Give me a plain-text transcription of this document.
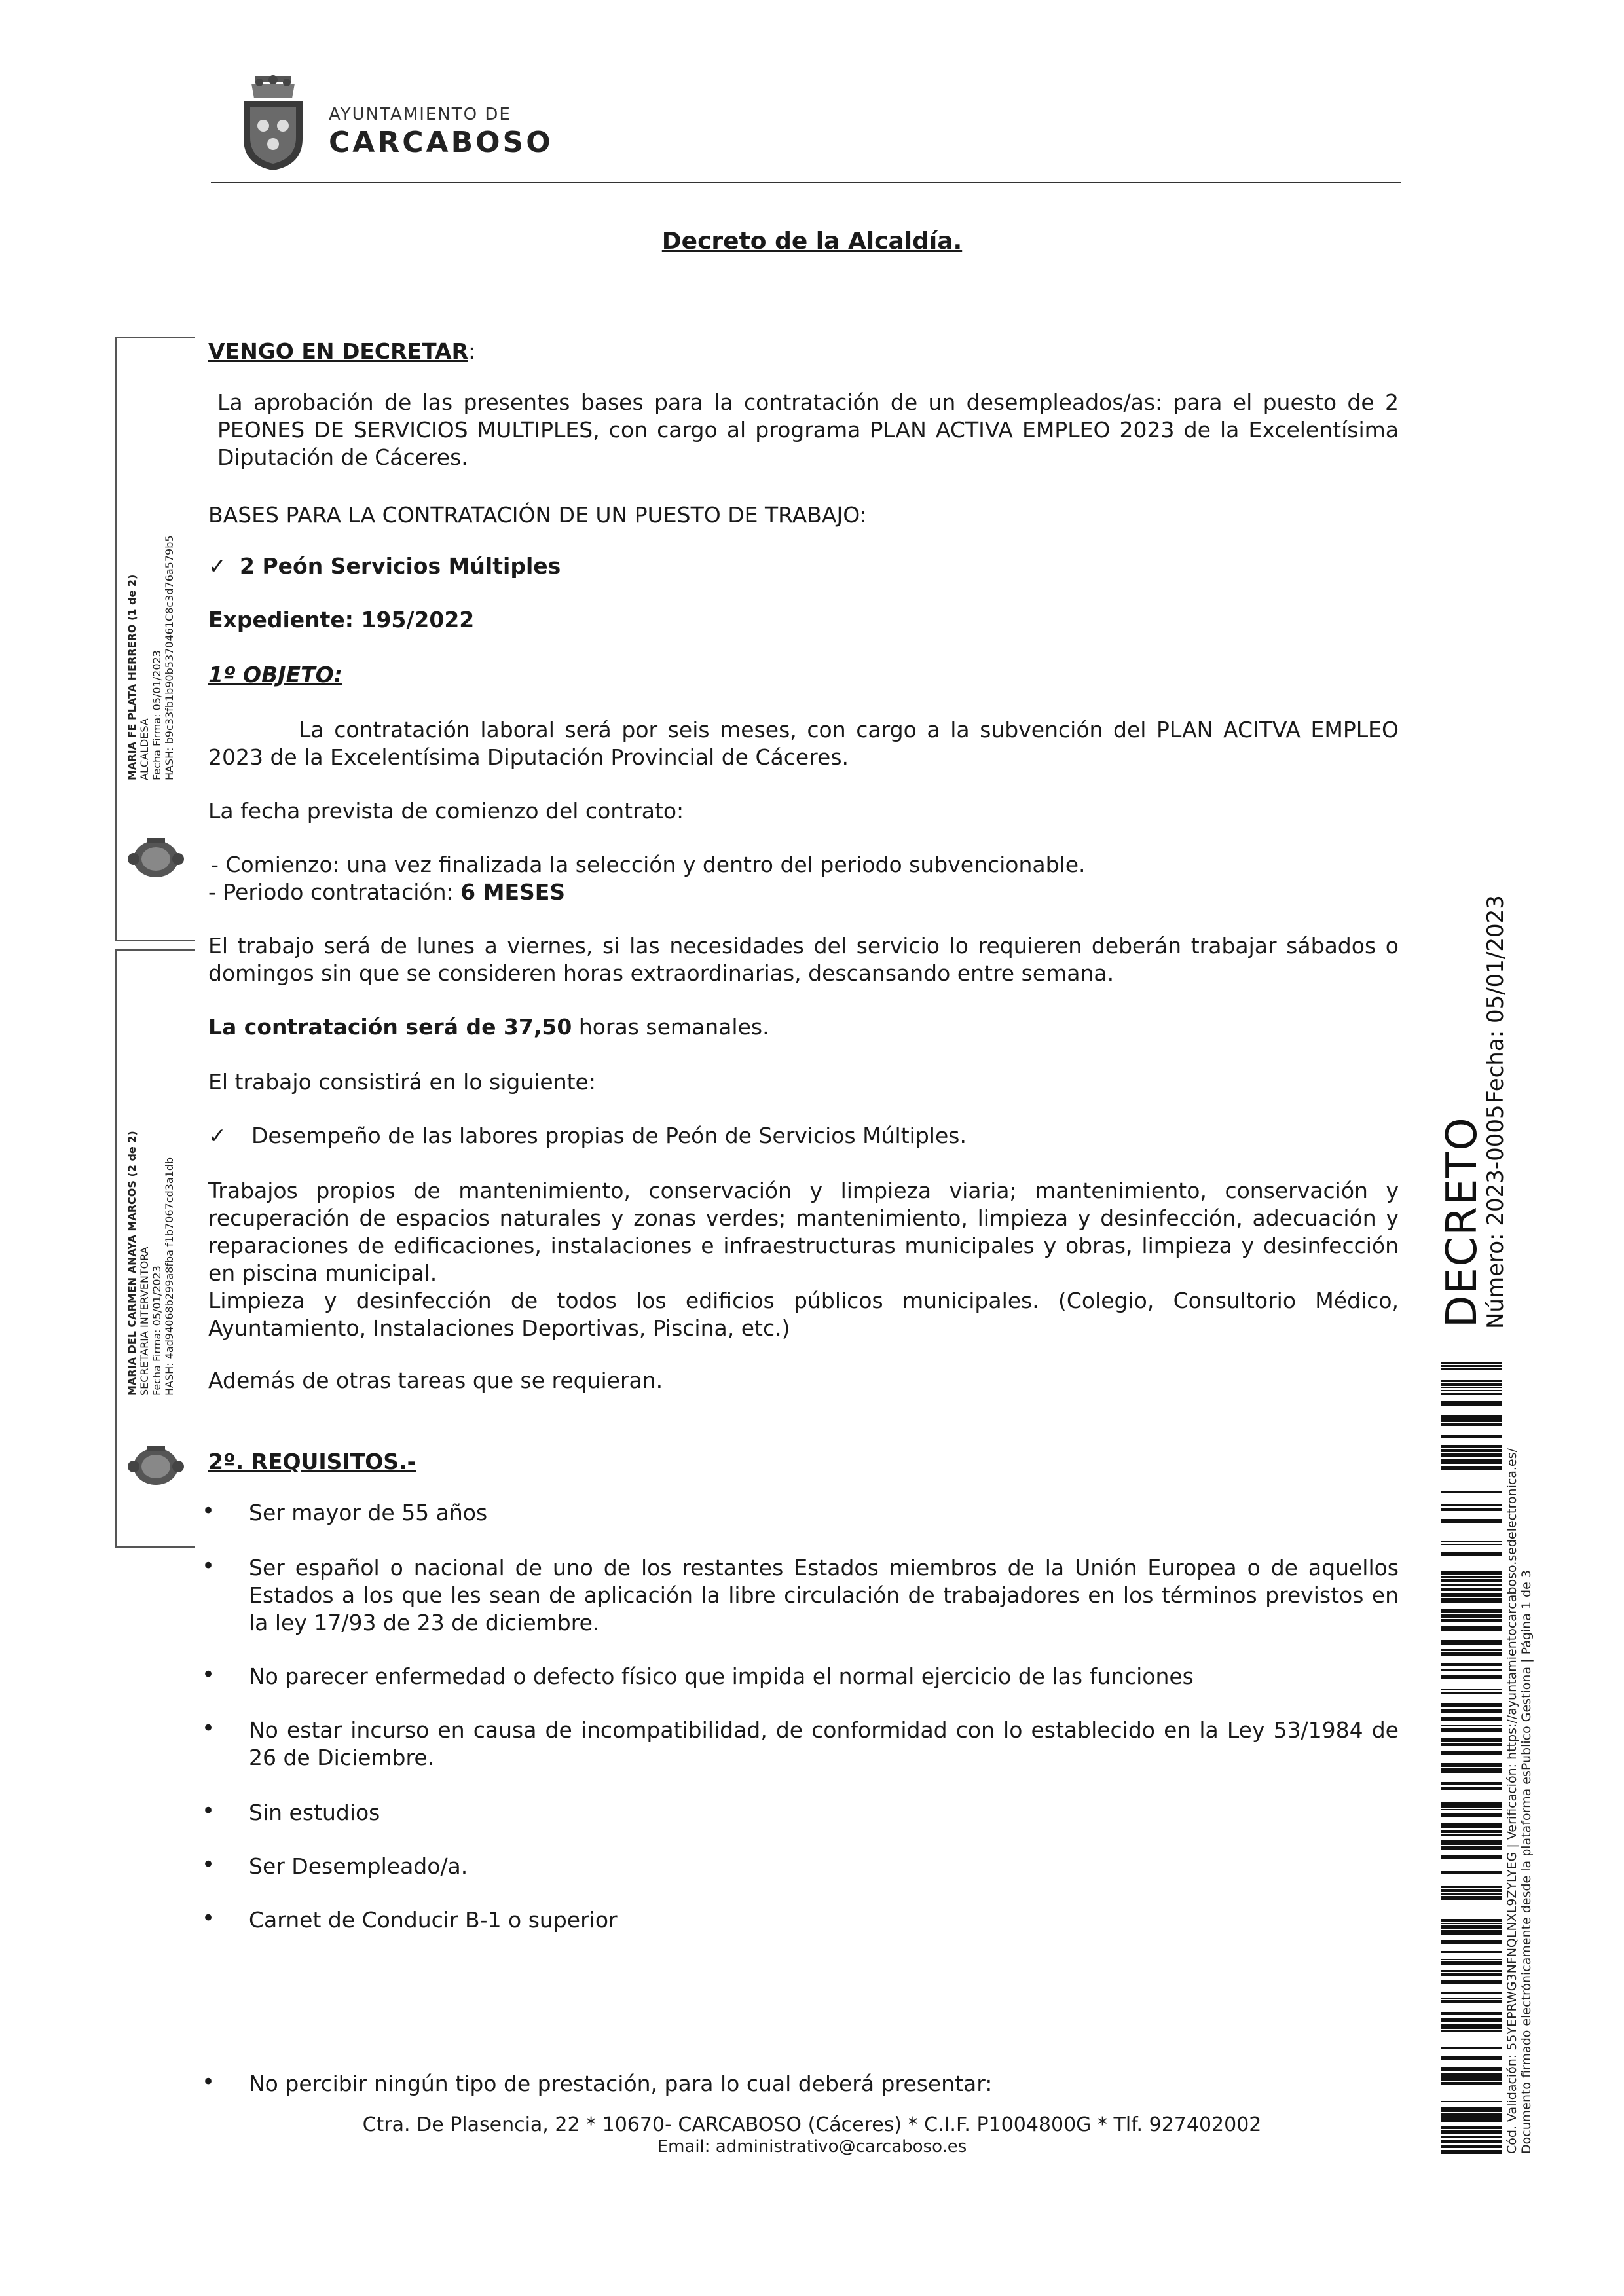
AYUNTAMIENTO DE
CARCABOSO
Decreto de la Alcaldía.
VENGO EN DECRETAR:
La aprobación de las presentes bases para la contratación de un desempleados/as: para el puesto de 2 PEONES DE SERVICIOS MULTIPLES, con cargo al programa PLAN ACTIVA EMPLEO 2023 de la Excelentísima Diputación de Cáceres.
BASES PARA LA CONTRATACIÓN DE UN PUESTO DE TRABAJO:
✓ 2 Peón Servicios Múltiples
Expediente: 195/2022
1º OBJETO:
La contratación laboral será por seis meses, con cargo a la subvención del PLAN ACITVA EMPLEO 2023 de la Excelentísima Diputación Provincial de Cáceres.
La fecha prevista de comienzo del contrato:
- Comienzo: una vez finalizada la selección y dentro del periodo subvencionable.
- Periodo contratación: 6 MESES
El trabajo será de lunes a viernes, si las necesidades del servicio lo requieren deberán trabajar sábados o domingos sin que se consideren horas extraordinarias, descansando entre semana.
La contratación será de 37,50 horas semanales.
El trabajo consistirá en lo siguiente:
✓ Desempeño de las labores propias de Peón de Servicios Múltiples.
Trabajos propios de mantenimiento, conservación y limpieza viaria; mantenimiento, conservación y recuperación de espacios naturales y zonas verdes; mantenimiento, limpieza y desinfección, adecuación y reparaciones de edificaciones, instalaciones e infraestructuras municipales y obras, limpieza y desinfección en piscina municipal.
Limpieza y desinfección de todos los edificios públicos municipales. (Colegio, Consultorio Médico, Ayuntamiento, Instalaciones Deportivas, Piscina, etc.)
Además de otras tareas que se requieran.
2º. REQUISITOS.-
• Ser mayor de 55 años
• Ser español o nacional de uno de los restantes Estados miembros de la Unión Europea o de aquellos Estados a los que les sean de aplicación la libre circulación de trabajadores en los términos previstos en la ley 17/93 de 23 de diciembre.
• No parecer enfermedad o defecto físico que impida el normal ejercicio de las funciones
• No estar incurso en causa de incompatibilidad, de conformidad con lo establecido en la Ley 53/1984 de 26 de Diciembre.
• Sin estudios
• Ser Desempleado/a.
• Carnet de Conducir B-1 o superior
• No percibir ningún tipo de prestación, para lo cual deberá presentar:
MARIA FE PLATA HERRERO (1 de 2)
ALCALDESA
Fecha Firma: 05/01/2023
HASH: b9c33fb1b90b5370461C8c3d76a579b5
MARIA DEL CARMEN ANAYA MARCOS (2 de 2)
SECRETARIA INTERVENTORA
Fecha Firma: 05/01/2023
HASH: 4ad94068b299a8fba f1b7067cd3a1db	DECRETO
Número: 2023-0005
Fecha: 05/01/2023
Cód. Validación: 55YEPRWG3NFNQLNXL9ZYLYEG | Verificación: https://ayuntamientocarcaboso.sedelectronica.es/ Documento firmado electrónicamente desde la plataforma esPublico Gestiona | Página 1 de 3
Ctra. De Plasencia, 22 * 10670- CARCABOSO (Cáceres) * C.I.F. P1004800G * Tlf. 927402002
Email: administrativo@carcaboso.es
